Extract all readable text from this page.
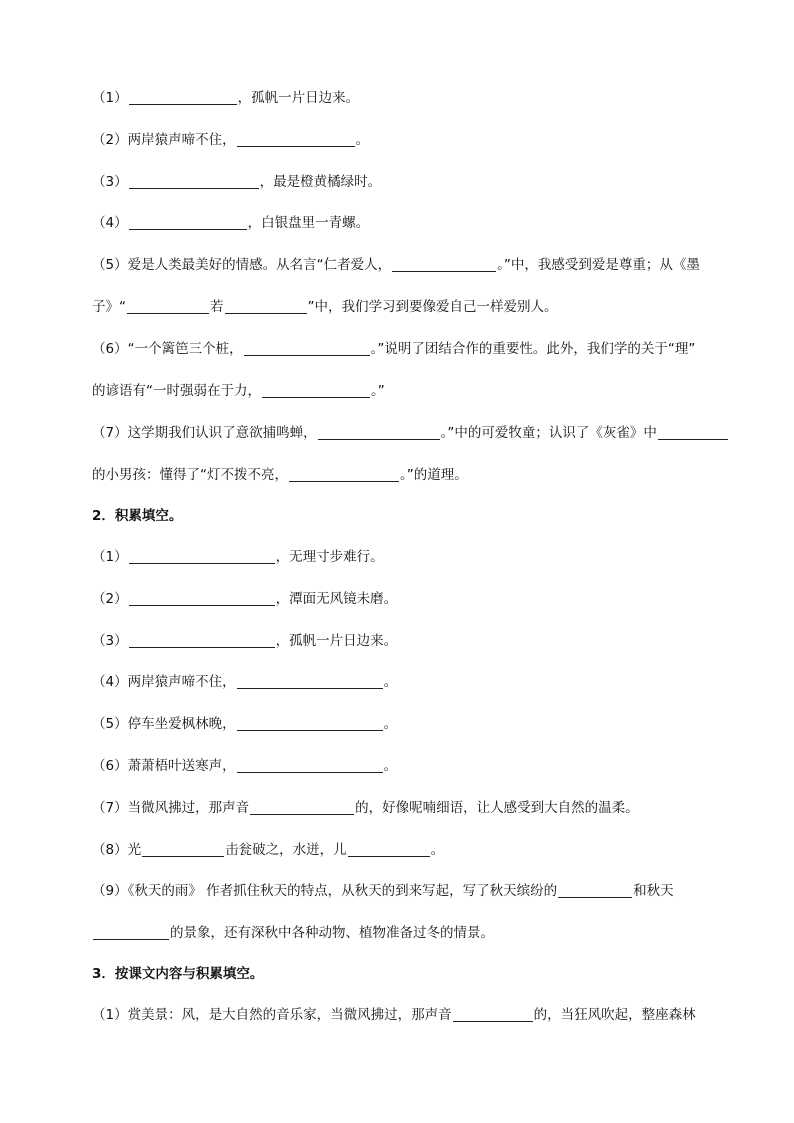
（1）	，孤帆一片日边来。
（2）两岸猿声啼不住，	。
（3）	，最是橙黄橘绿时。
（4）	，白银盘里一青螺。
（5）爱是人类最美好的情感。从名言“仁者爱人，	。”中，我感受到爱是尊重；从《墨
子》“	若	”中，我们学习到要像爱自己一样爱别人。
（6）“一个篱笆三个桩，	。”说明了团结合作的重要性。此外，我们学的关于“理”
的谚语有“一时强弱在于力，	。”
（7）这学期我们认识了意欲捕鸣蝉，	。”中的可爱牧童；认识了《灰雀》中
的小男孩：懂得了“灯不拨不亮，	。”的道理。
2．积累填空。
（1）	，无理寸步难行。
（2）	，潭面无风镜未磨。
（3）	，孤帆一片日边来。
（4）两岸猿声啼不住，	。
（5）停车坐爱枫林晚，	。
（6）萧萧梧叶送寒声，	。
（7）当微风拂过，那声音	的，好像呢喃细语，让人感受到大自然的温柔。
（8）光	击瓮破之，水迸，儿	。
（9）《秋天的雨》 作者抓住秋天的特点，从秋天的到来写起，写了秋天缤纷的	和秋天
的景象，还有深秋中各种动物、植物准备过冬的情景。
3．按课文内容与积累填空。
（1）赏美景：风，是大自然的音乐家，当微风拂过，那声音	的，当狂风吹起，整座森林
